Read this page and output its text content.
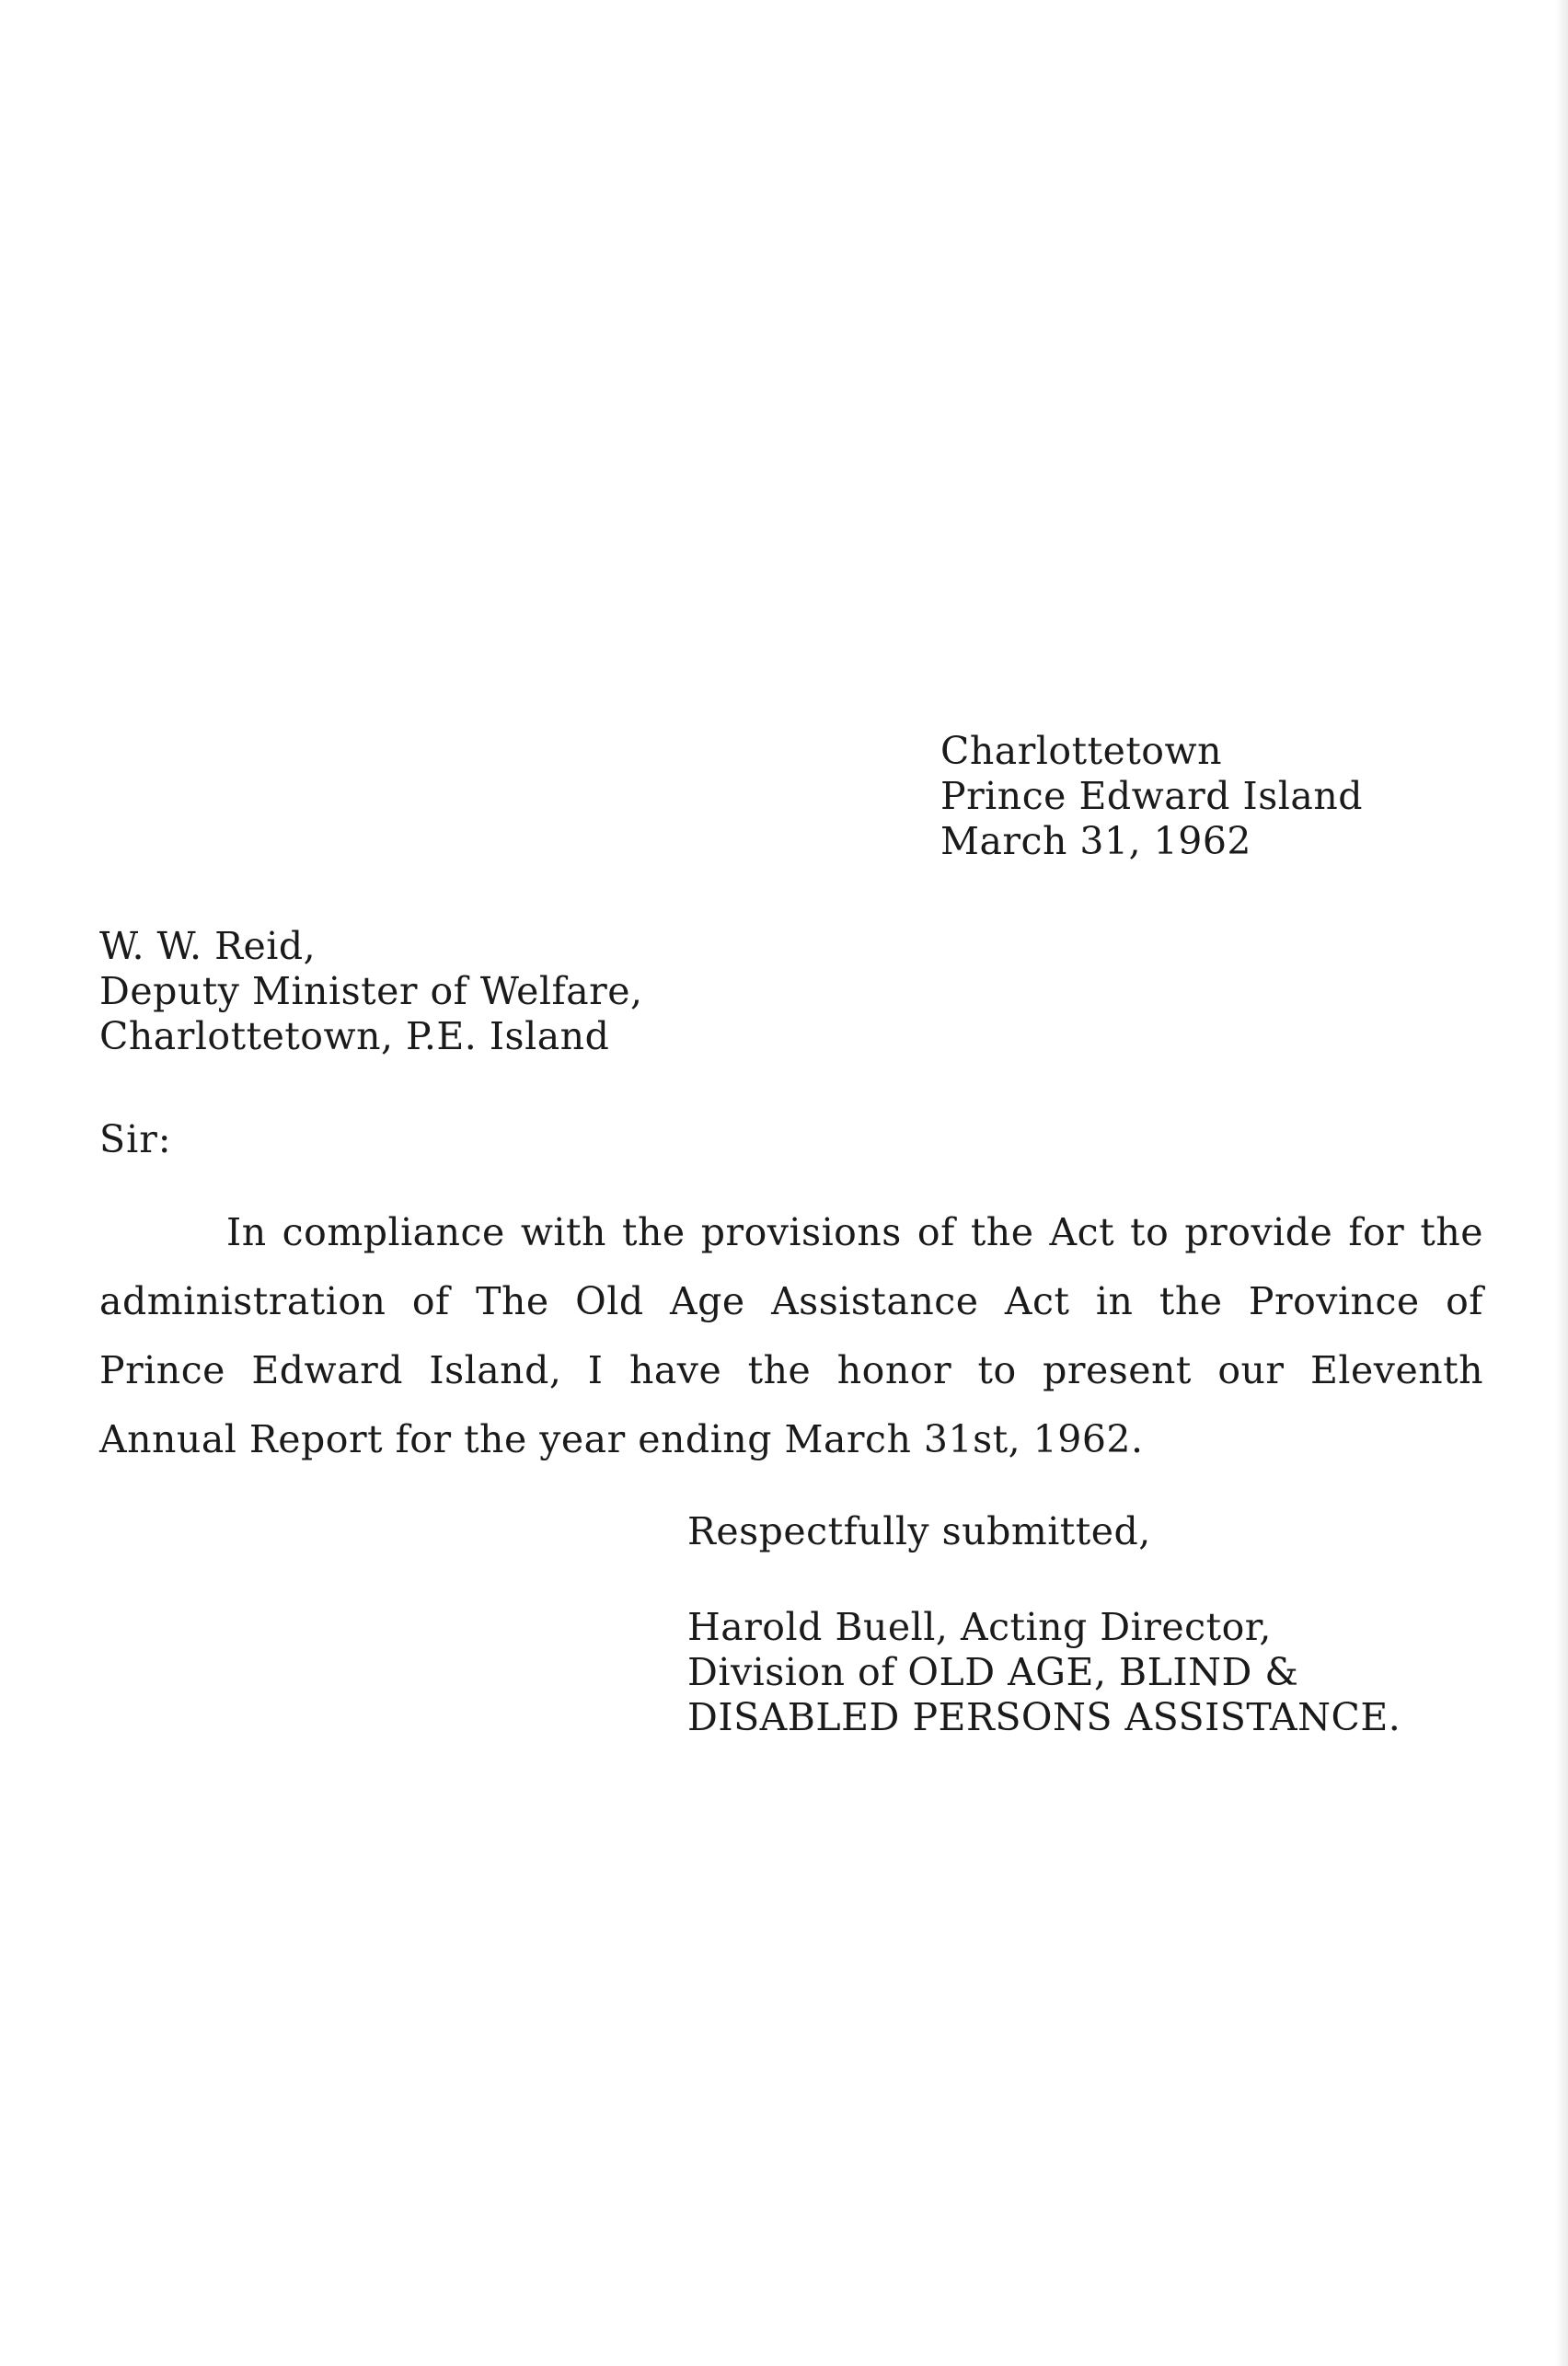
Charlottetown
Prince Edward Island
March 31, 1962
W. W. Reid,
Deputy Minister of Welfare,
Charlottetown, P.E. Island
Sir:
In compliance with the provisions of the Act to provide for the administration of The Old Age Assistance Act in the Province of Prince Edward Island, I have the honor to present our Eleventh Annual Report for the year ending March 31st, 1962.
Respectfully submitted,
Harold Buell, Acting Director,
Division of OLD AGE, BLIND &
DISABLED PERSONS ASSISTANCE.
